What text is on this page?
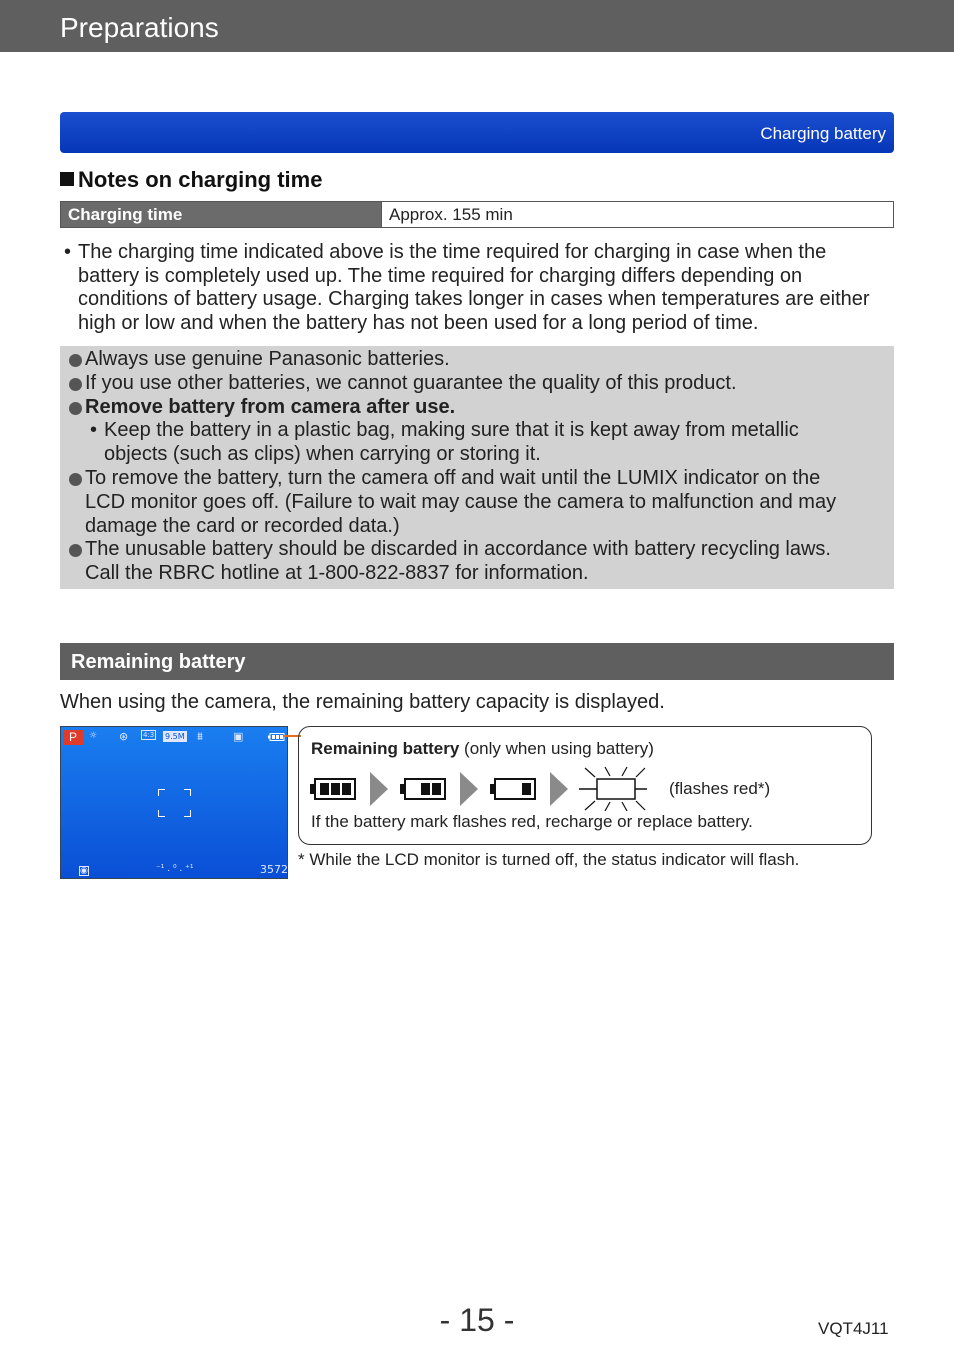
Preparations
Charging battery
Notes on charging time
Charging time	Approx. 155 min
• The charging time indicated above is the time required for charging in case when the battery is completely used up. The time required for charging differs depending on conditions of battery usage. Charging takes longer in cases when temperatures are either high or low and when the battery has not been used for a long period of time.
Always use genuine Panasonic batteries.
If you use other batteries, we cannot guarantee the quality of this product.
Remove battery from camera after use.
• Keep the battery in a plastic bag, making sure that it is kept away from metallic
objects (such as clips) when carrying or storing it.
To remove the battery, turn the camera off and wait until the LUMIX indicator on the
LCD monitor goes off. (Failure to wait may cause the camera to malfunction and may
damage the card or recorded data.)
The unusable battery should be discarded in accordance with battery recycling laws.
Call the RBRC hotline at 1-800-822-8837 for information.
Remaining battery
When using the camera, the remaining battery capacity is displayed.
P	☼ ⊛ 4:3 9.5M ⩩	▣
◉	⁻¹ . ⁰ . ⁺¹	3572
Remaining battery (only when using battery)
(flashes red*)
If the battery mark flashes red, recharge or replace battery.
* While the LCD monitor is turned off, the status indicator will flash.
- 15 -	VQT4J11
